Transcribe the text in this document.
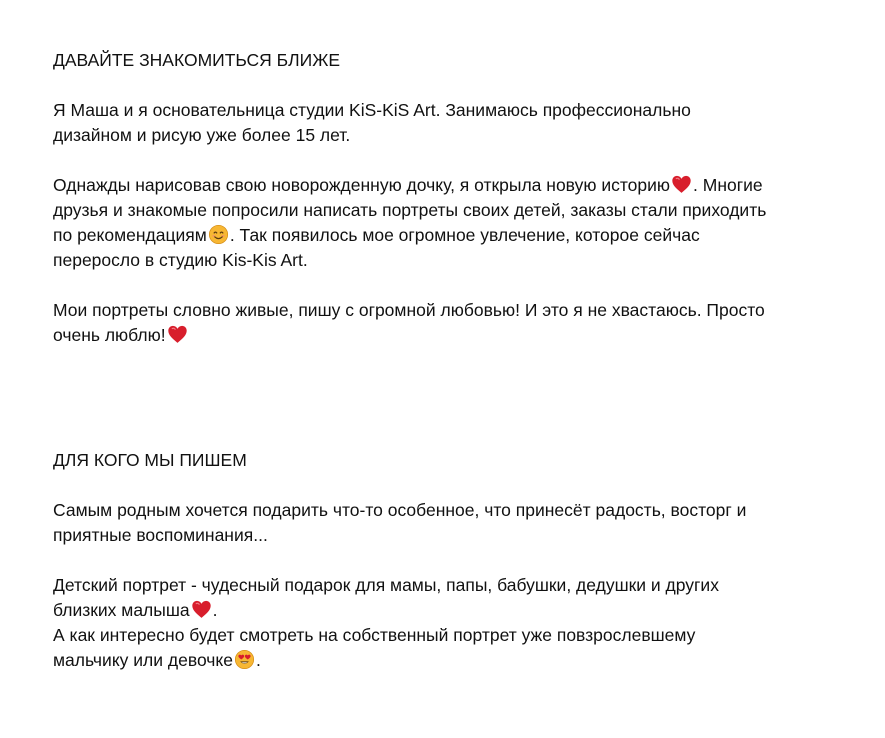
ДАВАЙТЕ ЗНАКОМИТЬСЯ БЛИЖЕ

Я Маша и я основательница студии KiS-KiS Art. Занимаюсь профессионально
дизайном и рисую уже более 15 лет.

Однажды нарисовав свою новорожденную дочку, я открыла новую историю . Многие
друзья и знакомые попросили написать портреты своих детей, заказы стали приходить
по рекомендациям . Так появилось мое огромное увлечение, которое сейчас
переросло в студию Kis-Kis Art.

Мои портреты словно живые, пишу с огромной любовью! И это я не хвастаюсь. Просто
очень люблю!

ДЛЯ КОГО МЫ ПИШЕМ

Самым родным хочется подарить что-то особенное, что принесёт радость, восторг и
приятные воспоминания...

Детский портрет - чудесный подарок для мамы, папы, бабушки, дедушки и других
близких малыша .
А как интересно будет смотреть на собственный портрет уже повзрослевшему
мальчику или девочке .
